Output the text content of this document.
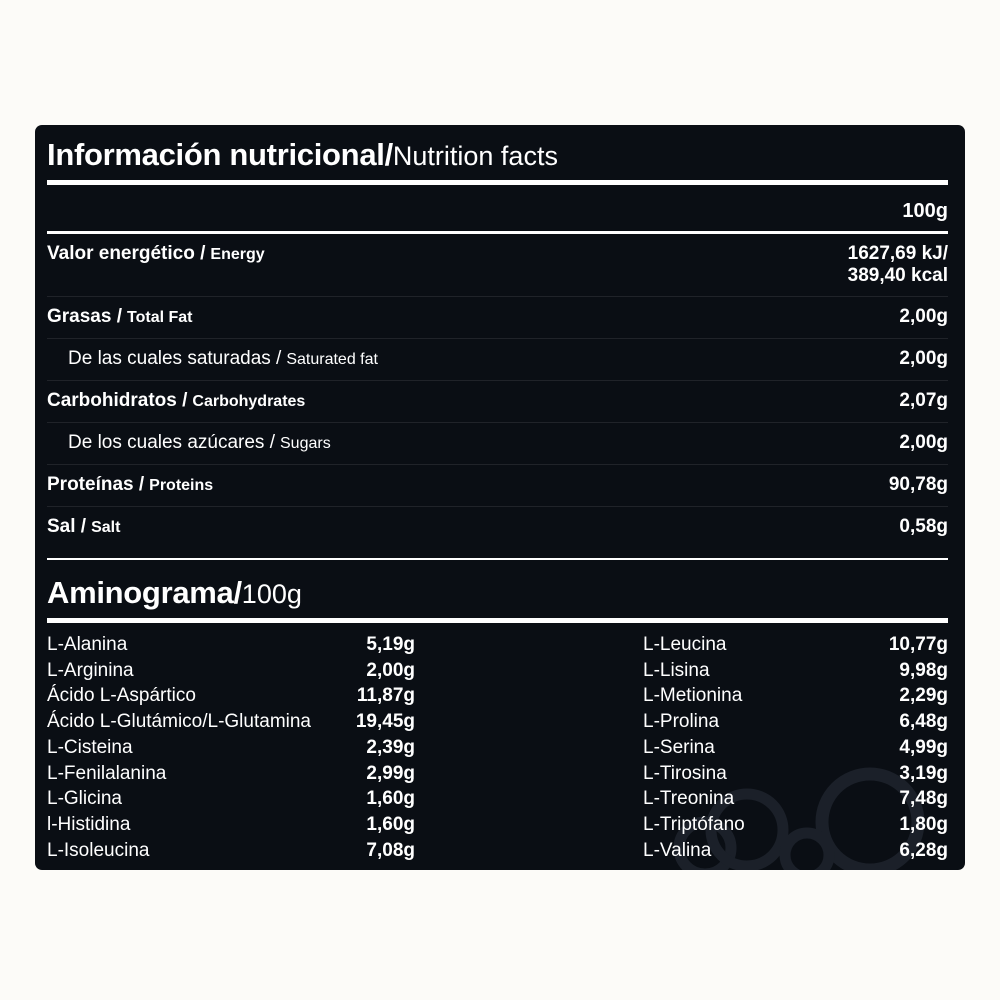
Información nutricional/Nutrition facts
100g
Valor energético / Energy	1627,69 kJ/
389,40 kcal
Grasas / Total Fat	2,00g
De las cuales saturadas / Saturated fat	2,00g
Carbohidratos / Carbohydrates	2,07g
De los cuales azúcares / Sugars	2,00g
Proteínas / Proteins	90,78g
Sal / Salt	0,58g
Aminograma/100g
L-Alanina	5,19g
L-Arginina	2,00g
Ácido L-Aspártico	11,87g
Ácido L-Glutámico/L-Glutamina 19,45g
L-Cisteina	2,39g
L-Fenilalanina	2,99g
L-Glicina	1,60g
l-Histidina	1,60g
L-Isoleucina	7,08g
L-Leucina	10,77g
L-Lisina	9,98g
L-Metionina	2,29g
L-Prolina	6,48g
L-Serina	4,99g
L-Tirosina	3,19g
L-Treonina	7,48g
L-Triptófano	1,80g
L-Valina	6,28g
